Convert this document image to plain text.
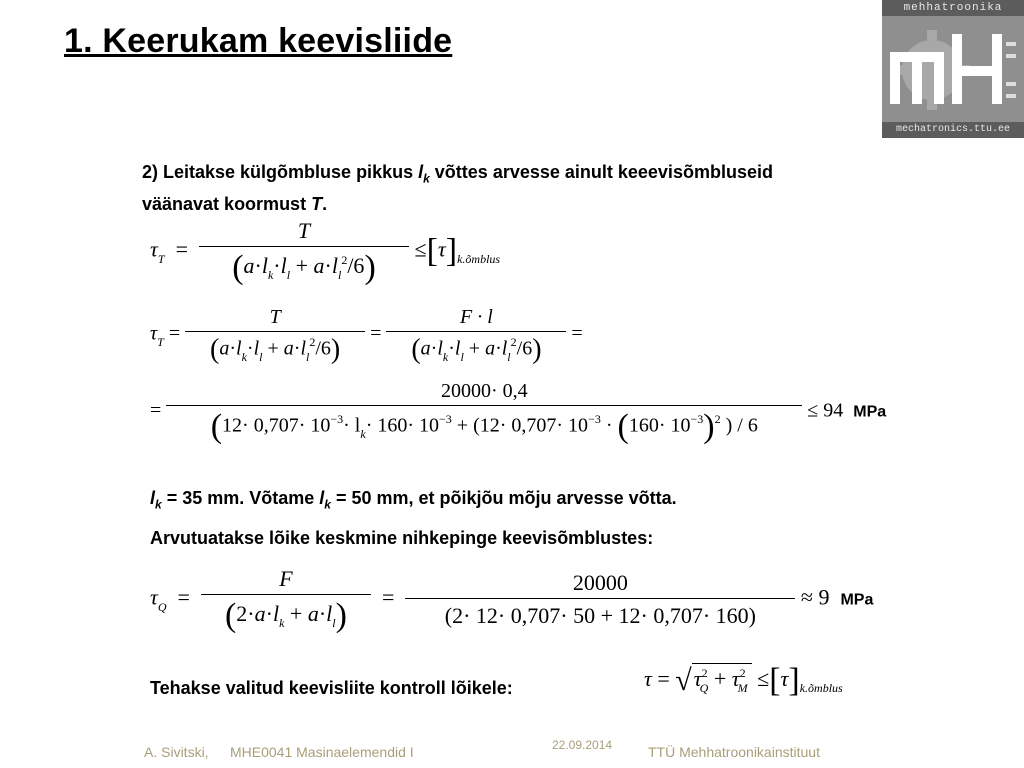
1. Keerukam keevisliide
mehhatroonika
mechatronics.ttu.ee
2) Leitakse külgõmbluse pikkus $l_k$ võttes arvesse ainult keeevisõmbluseid
väänavat koormust T.
$\tau_T = \frac{T}{(a\cdot l_k\cdot l_l + a\cdot l_l^2/6)} \le[\tau]_{k.õmblus}$
$\tau_T = \frac{T}{(a\cdot l_k\cdot l_l + a\cdot l_l^2/6)} = \frac{F \cdot l}{(a\cdot l_k\cdot l_l + a\cdot l_l^2/6)}$ =
=
20000· 0,4
($12\cdot 0,707\cdot 10^{-3}\cdot l_k\cdot 160\cdot 10^{-3} + (12\cdot 0,707\cdot 10^{-3} \cdot (160\cdot 10^{-3})^2$ ) / 6
≤ 94 MPa
$l_k = 35$ mm. Võtame $l_k = 50$ mm, et põikjõu mõju arvesse võtta.
Arvutuatakse lõike keskmine nihkepinge keevisõmblustes:
$\tau_Q = \frac{F}{(2\cdot a\cdot l_k + a\cdot l_l)} = \frac{20000}{(2\cdot 12\cdot 0,707\cdot 50 + 12\cdot 0,707\cdot 160)} \approx 9$ MPa
Tehakse valitud keevisliite kontroll lõikele:	$\tau = √\tau^2_Q + \tau^2_M \le[\tau]_{k.õmblus}$
A. Sivitski, MHE0041 Masinaelemendid I	22.09.2014	TTÜ Mehhatroonikainstituut
